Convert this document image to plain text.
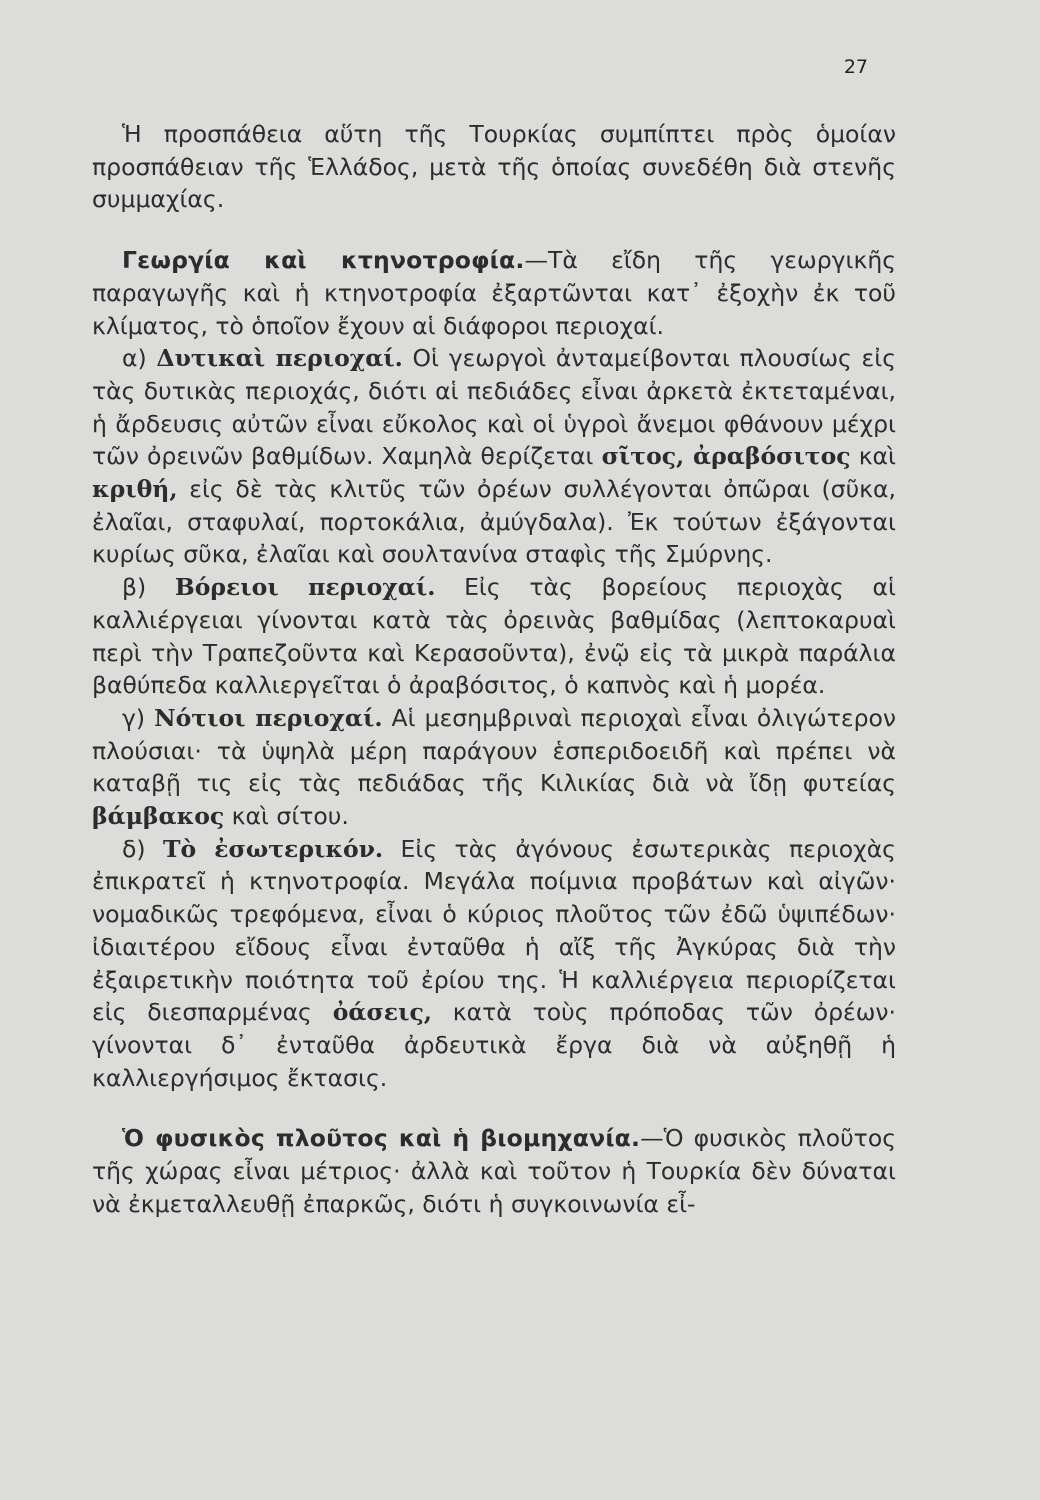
27

Ἡ προσπάθεια αὕτη τῆς Τουρκίας συμπίπτει πρὸς ὁμοίαν προσπάθειαν τῆς Ἑλλάδος, μετὰ τῆς ὁποίας συνεδέθη διὰ στενῆς συμμαχίας.

Γεωργία καὶ κτηνοτροφία.—Τὰ εἴδη τῆς γεωργικῆς παραγωγῆς καὶ ἡ κτηνοτροφία ἐξαρτῶνται κατ᾽ ἐξοχὴν ἐκ τοῦ κλίματος, τὸ ὁποῖον ἔχουν αἱ διάφοροι περιοχαί.

α) Δυτικαὶ περιοχαί. Οἱ γεωργοὶ ἀνταμείβονται πλουσίως εἰς τὰς δυτικὰς περιοχάς, διότι αἱ πεδιάδες εἶναι ἀρκετὰ ἐκτεταμέναι, ἡ ἄρδευσις αὐτῶν εἶναι εὔκολος καὶ οἱ ὑγροὶ ἄνεμοι φθάνουν μέχρι τῶν ὀρεινῶν βαθμίδων. Χαμηλὰ θερίζεται σῖτος, ἀραβόσιτος καὶ κριθή, εἰς δὲ τὰς κλιτῦς τῶν ὀρέων συλλέγονται ὀπῶραι (σῦκα, ἐλαῖαι, σταφυλαί, πορτοκάλια, ἀμύγδαλα). Ἐκ τούτων ἐξάγονται κυρίως σῦκα, ἐλαῖαι καὶ σουλτανίνα σταφὶς τῆς Σμύρνης.

β) Βόρειοι περιοχαί. Εἰς τὰς βορείους περιοχὰς αἱ καλλιέργειαι γίνονται κατὰ τὰς ὀρεινὰς βαθμίδας (λεπτοκαρυαὶ περὶ τὴν Τραπεζοῦντα καὶ Κερασοῦντα), ἐνῷ εἰς τὰ μικρὰ παράλια βαθύπεδα καλλιεργεῖται ὁ ἀραβόσιτος, ὁ καπνὸς καὶ ἡ μορέα.

γ) Νότιοι περιοχαί. Αἱ μεσημβριναὶ περιοχαὶ εἶναι ὀλιγώτερον πλούσιαι· τὰ ὑψηλὰ μέρη παράγουν ἑσπεριδοειδῆ καὶ πρέπει νὰ καταβῇ τις εἰς τὰς πεδιάδας τῆς Κιλικίας διὰ νὰ ἴδῃ φυτείας βάμβακος καὶ σίτου.

δ) Τὸ ἐσωτερικόν. Εἰς τὰς ἀγόνους ἐσωτερικὰς περιοχὰς ἐπικρατεῖ ἡ κτηνοτροφία. Μεγάλα ποίμνια προβάτων καὶ αἰγῶν· νομαδικῶς τρεφόμενα, εἶναι ὁ κύριος πλοῦτος τῶν ἐδῶ ὑψιπέδων· ἰδιαιτέρου εἴδους εἶναι ἐνταῦθα ἡ αἴξ τῆς Ἀγκύρας διὰ τὴν ἐξαιρετικὴν ποιότητα τοῦ ἐρίου της. Ἡ καλλιέργεια περιορίζεται εἰς διεσπαρμένας ὀάσεις, κατὰ τοὺς πρόποδας τῶν ὀρέων· γίνονται δ᾽ ἐνταῦθα ἀρδευτικὰ ἔργα διὰ νὰ αὐξηθῇ ἡ καλλιεργήσιμος ἔκτασις.

Ὁ φυσικὸς πλοῦτος καὶ ἡ βιομηχανία.—Ὁ φυσικὸς πλοῦτος τῆς χώρας εἶναι μέτριος· ἀλλὰ καὶ τοῦτον ἡ Τουρκία δὲν δύναται νὰ ἐκμεταλλευθῇ ἐπαρκῶς, διότι ἡ συγκοινωνία εἶ-
